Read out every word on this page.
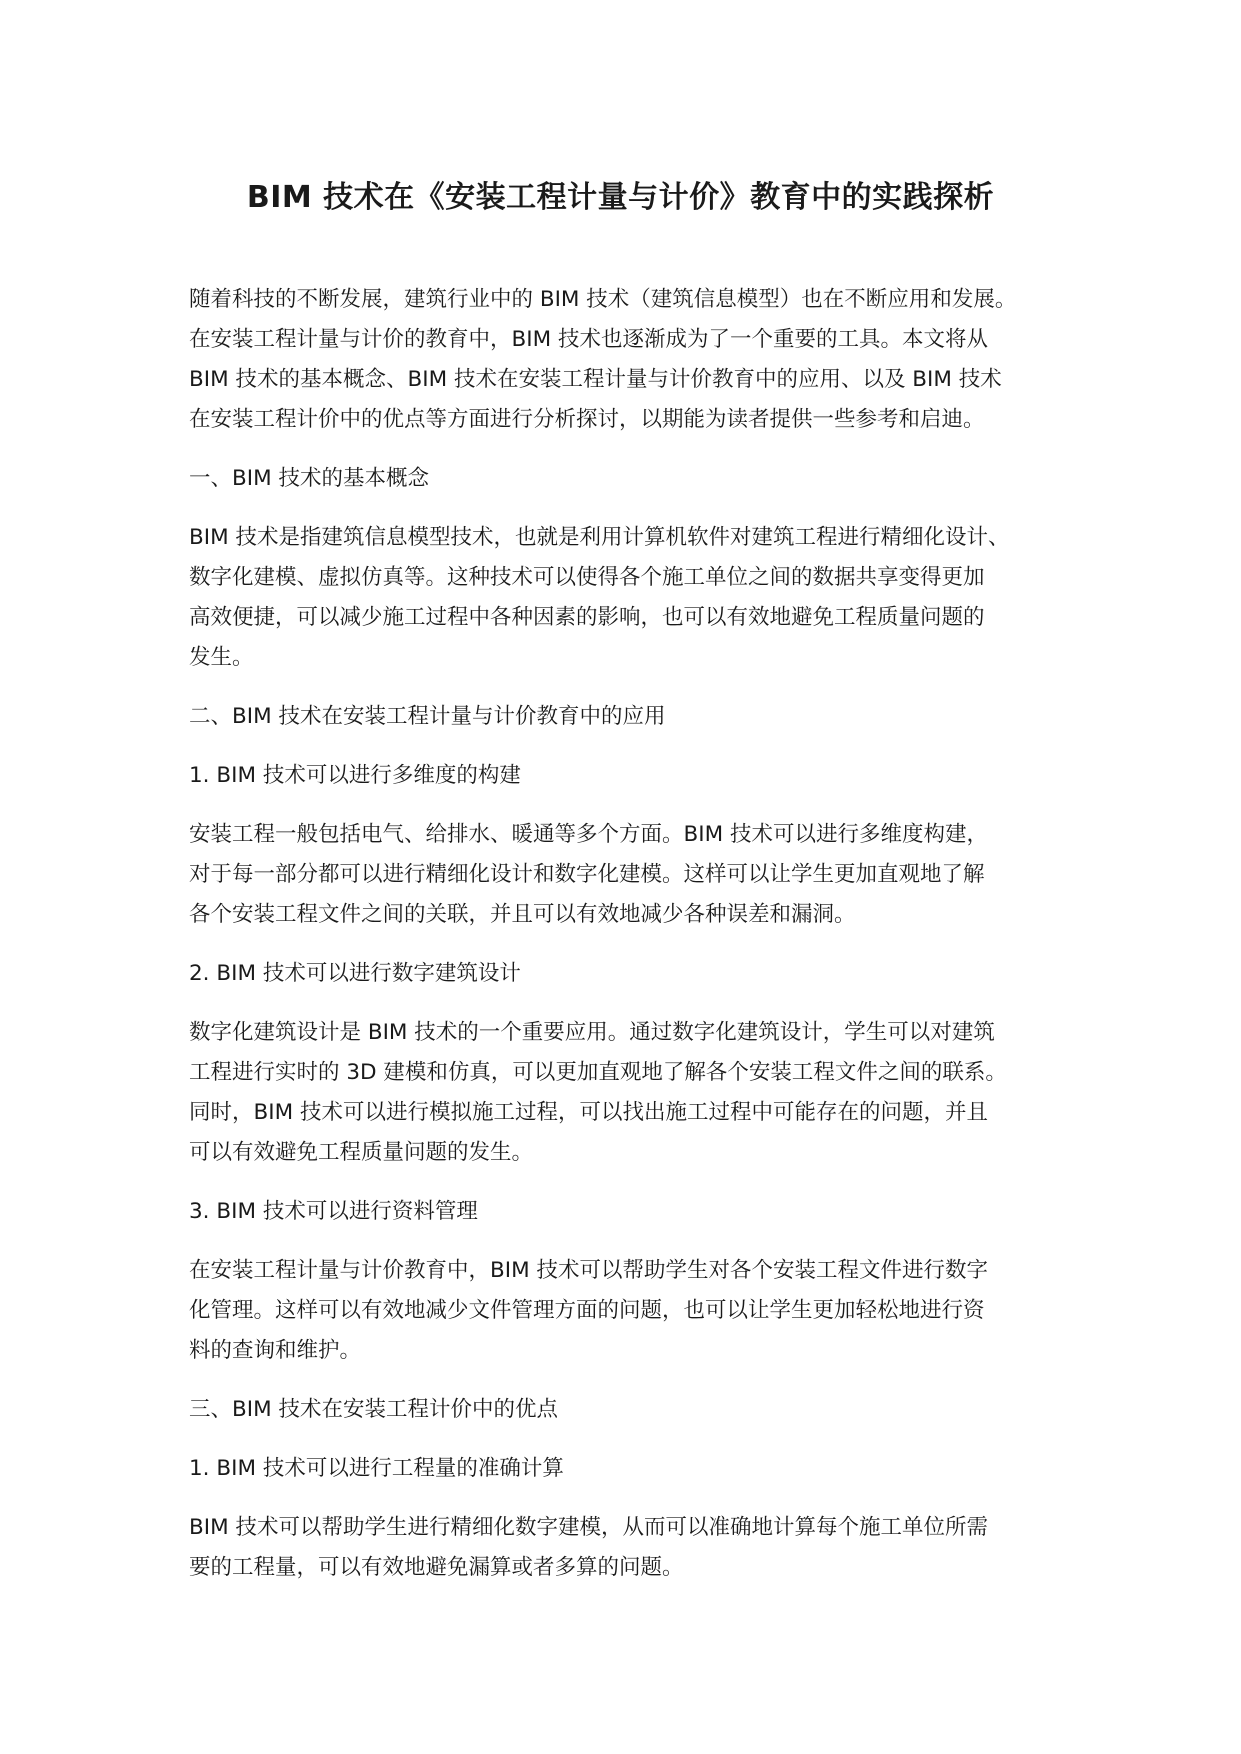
BIM 技术在《安装工程计量与计价》教育中的实践探析

随着科技的不断发展，建筑行业中的 BIM 技术（建筑信息模型）也在不断应用和发展。
在安装工程计量与计价的教育中，BIM 技术也逐渐成为了一个重要的工具。本文将从
BIM 技术的基本概念、BIM 技术在安装工程计量与计价教育中的应用、以及 BIM 技术
在安装工程计价中的优点等方面进行分析探讨，以期能为读者提供一些参考和启迪。

一、BIM 技术的基本概念

BIM 技术是指建筑信息模型技术，也就是利用计算机软件对建筑工程进行精细化设计、
数字化建模、虚拟仿真等。这种技术可以使得各个施工单位之间的数据共享变得更加
高效便捷，可以减少施工过程中各种因素的影响，也可以有效地避免工程质量问题的
发生。

二、BIM 技术在安装工程计量与计价教育中的应用

1. BIM 技术可以进行多维度的构建

安装工程一般包括电气、给排水、暖通等多个方面。BIM 技术可以进行多维度构建，
对于每一部分都可以进行精细化设计和数字化建模。这样可以让学生更加直观地了解
各个安装工程文件之间的关联，并且可以有效地减少各种误差和漏洞。

2. BIM 技术可以进行数字建筑设计

数字化建筑设计是 BIM 技术的一个重要应用。通过数字化建筑设计，学生可以对建筑
工程进行实时的 3D 建模和仿真，可以更加直观地了解各个安装工程文件之间的联系。
同时，BIM 技术可以进行模拟施工过程，可以找出施工过程中可能存在的问题，并且
可以有效避免工程质量问题的发生。

3. BIM 技术可以进行资料管理

在安装工程计量与计价教育中，BIM 技术可以帮助学生对各个安装工程文件进行数字
化管理。这样可以有效地减少文件管理方面的问题，也可以让学生更加轻松地进行资
料的查询和维护。

三、BIM 技术在安装工程计价中的优点

1. BIM 技术可以进行工程量的准确计算

BIM 技术可以帮助学生进行精细化数字建模，从而可以准确地计算每个施工单位所需
要的工程量，可以有效地避免漏算或者多算的问题。
